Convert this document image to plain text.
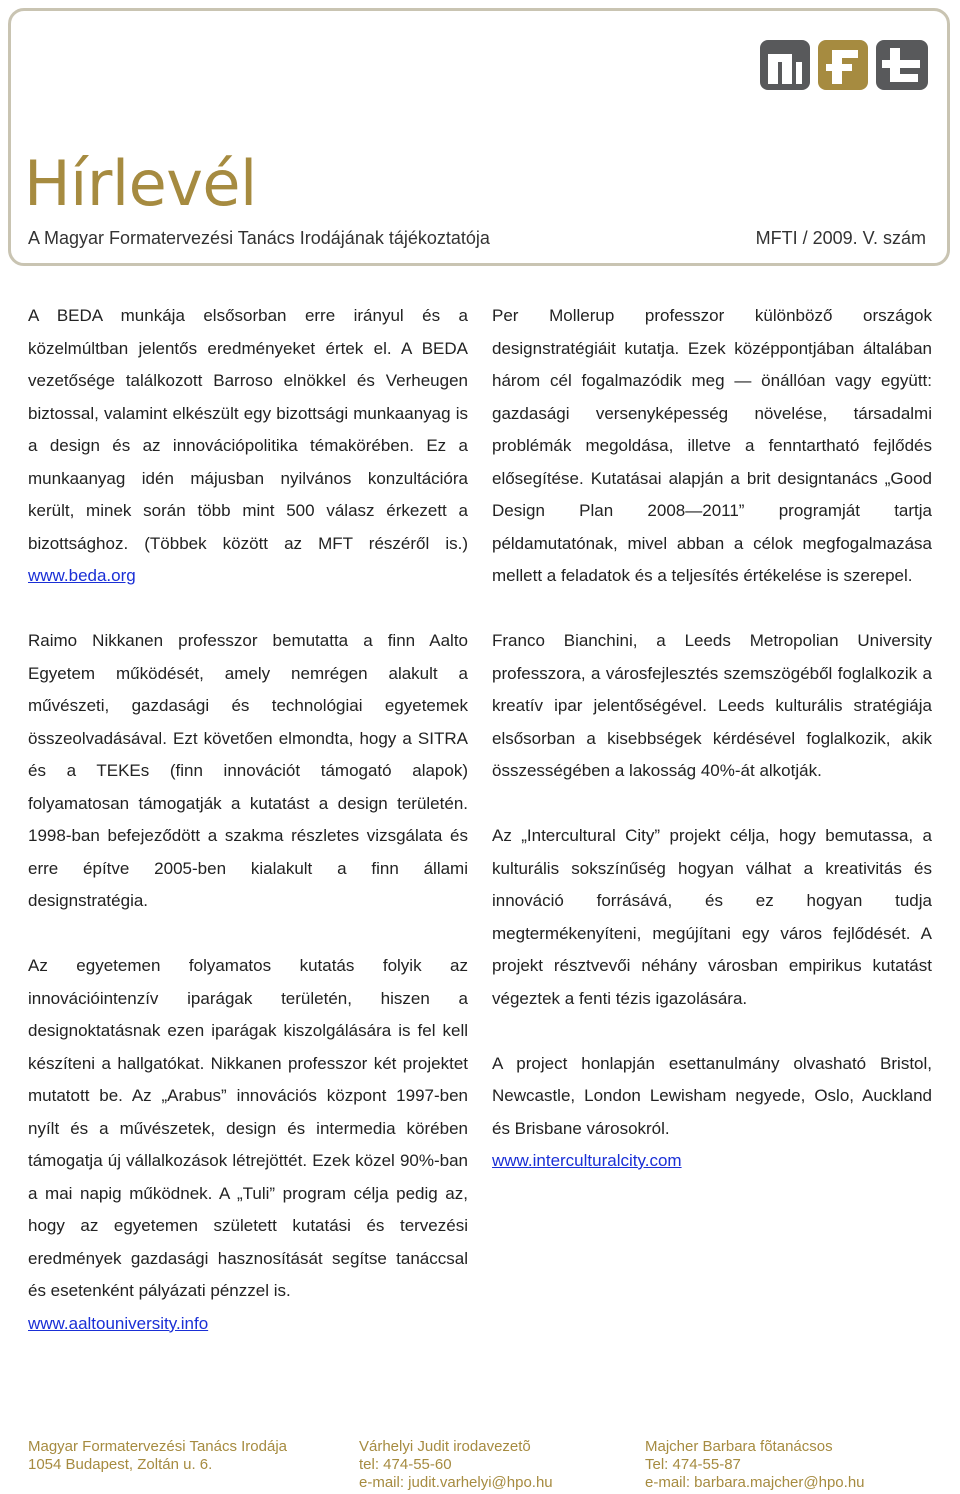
Hírlevél
A Magyar Formatervezési Tanács Irodájának tájékoztatója	MFTI / 2009. V. szám

A BEDA munkája elsősorban erre irányul és a közelmúltban jelentős eredményeket értek el. A BEDA vezetősége találkozott Barroso elnökkel és Verheugen biztossal, valamint elkészült egy bizottsági munkaanyag is a design és az innovációpolitika témakörében. Ez a munkaanyag idén májusban nyilvános konzultációra került, minek során több mint 500 válasz érkezett a bizottsághoz. (Többek között az MFT részéről is.) www.beda.org

Raimo Nikkanen professzor bemutatta a finn Aalto Egyetem működését, amely nemrégen alakult a művészeti, gazdasági és technológiai egyetemek összeolvadásával. Ezt követően elmondta, hogy a SITRA és a TEKEs (finn innovációt támogató alapok) folyamatosan támogatják a kutatást a design területén. 1998-ban befejeződött a szakma részletes vizsgálata és erre építve 2005-ben kialakult a finn állami designstratégia.

Az egyetemen folyamatos kutatás folyik az innovációintenzív iparágak területén, hiszen a designoktatásnak ezen iparágak kiszolgálására is fel kell készíteni a hallgatókat. Nikkanen professzor két projektet mutatott be. Az „Arabus” innovációs központ 1997-ben nyílt és a művészetek, design és intermedia körében támogatja új vállalkozások létrejöttét. Ezek közel 90%-ban a mai napig működnek. A „Tuli” program célja pedig az, hogy az egyetemen született kutatási és tervezési eredmények gazdasági hasznosítását segítse tanáccsal és esetenként pályázati pénzzel is.
www.aaltouniversity.info

Per Mollerup professzor különböző országok designstratégiáit kutatja. Ezek középpontjában általában három cél fogalmazódik meg ― önállóan vagy együtt: gazdasági versenyképesség növelése, társadalmi problémák megoldása, illetve a fenntartható fejlődés elősegítése. Kutatásai alapján a brit designtanács „Good Design Plan 2008―2011” programját tartja példamutatónak, mivel abban a célok megfogalmazása mellett a feladatok és a teljesítés értékelése is szerepel.

Franco Bianchini, a Leeds Metropolian University professzora, a városfejlesztés szemszögéből foglalkozik a kreatív ipar jelentőségével. Leeds kulturális stratégiája elsősorban a kisebbségek kérdésével foglalkozik, akik összességében a lakosság 40%-át alkotják.

Az „Intercultural City” projekt célja, hogy bemutassa, a kulturális sokszínűség hogyan válhat a kreativitás és innováció forrásává, és ez hogyan tudja megtermékenyíteni, megújítani egy város fejlődését. A projekt résztvevői néhány városban empirikus kutatást végeztek a fenti tézis igazolására.

A project honlapján esettanulmány olvasható Bristol, Newcastle, London Lewisham negyede, Oslo, Auckland és Brisbane városokról.
www.interculturalcity.com

Magyar Formatervezési Tanács Irodája
1054 Budapest, Zoltán u. 6.
Várhelyi Judit irodavezetõ
tel: 474-55-60
e-mail: judit.varhelyi@hpo.hu
Majcher Barbara fõtanácsos
Tel: 474-55-87
e-mail: barbara.majcher@hpo.hu
